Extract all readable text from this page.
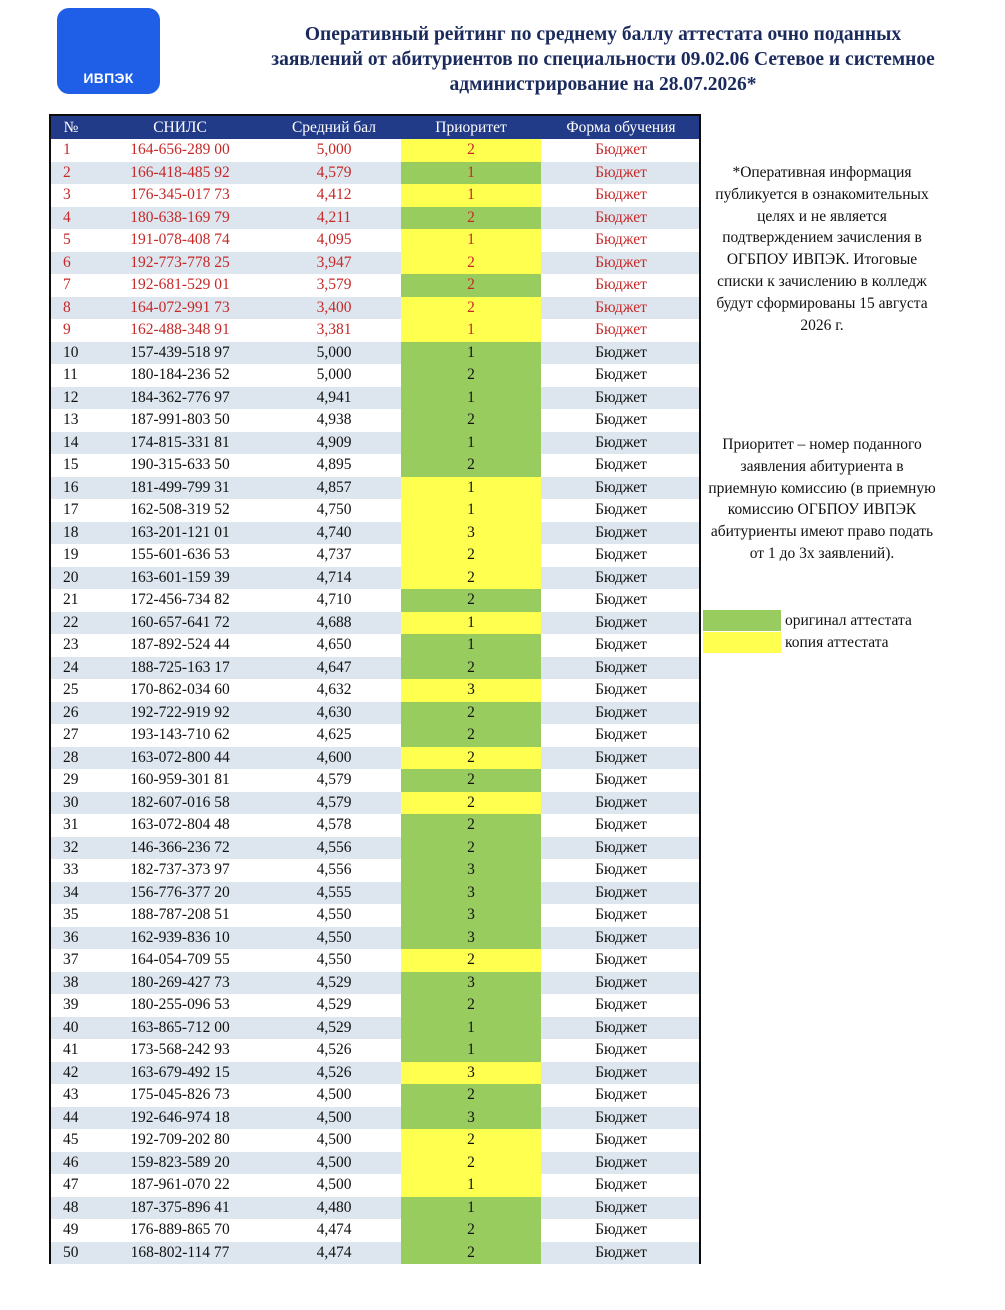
ИВПЭК
Оперативный рейтинг по среднему баллу аттестата очно поданных заявлений от абитуриентов по специальности 09.02.06 Сетевое и системное администрирование на 28.07.2026*
№	СНИЛС	Средний бал	Приоритет	Форма обучения
1	164-656-289 00	5,000	2	Бюджет
2	166-418-485 92	4,579	1	Бюджет
3	176-345-017 73	4,412	1	Бюджет
4	180-638-169 79	4,211	2	Бюджет
5	191-078-408 74	4,095	1	Бюджет
6	192-773-778 25	3,947	2	Бюджет
7	192-681-529 01	3,579	2	Бюджет
8	164-072-991 73	3,400	2	Бюджет
9	162-488-348 91	3,381	1	Бюджет
10	157-439-518 97	5,000	1	Бюджет
11	180-184-236 52	5,000	2	Бюджет
12	184-362-776 97	4,941	1	Бюджет
13	187-991-803 50	4,938	2	Бюджет
14	174-815-331 81	4,909	1	Бюджет
15	190-315-633 50	4,895	2	Бюджет
16	181-499-799 31	4,857	1	Бюджет
17	162-508-319 52	4,750	1	Бюджет
18	163-201-121 01	4,740	3	Бюджет
19	155-601-636 53	4,737	2	Бюджет
20	163-601-159 39	4,714	2	Бюджет
21	172-456-734 82	4,710	2	Бюджет
22	160-657-641 72	4,688	1	Бюджет
23	187-892-524 44	4,650	1	Бюджет
24	188-725-163 17	4,647	2	Бюджет
25	170-862-034 60	4,632	3	Бюджет
26	192-722-919 92	4,630	2	Бюджет
27	193-143-710 62	4,625	2	Бюджет
28	163-072-800 44	4,600	2	Бюджет
29	160-959-301 81	4,579	2	Бюджет
30	182-607-016 58	4,579	2	Бюджет
31	163-072-804 48	4,578	2	Бюджет
32	146-366-236 72	4,556	2	Бюджет
33	182-737-373 97	4,556	3	Бюджет
34	156-776-377 20	4,555	3	Бюджет
35	188-787-208 51	4,550	3	Бюджет
36	162-939-836 10	4,550	3	Бюджет
37	164-054-709 55	4,550	2	Бюджет
38	180-269-427 73	4,529	3	Бюджет
39	180-255-096 53	4,529	2	Бюджет
40	163-865-712 00	4,529	1	Бюджет
41	173-568-242 93	4,526	1	Бюджет
42	163-679-492 15	4,526	3	Бюджет
43	175-045-826 73	4,500	2	Бюджет
44	192-646-974 18	4,500	3	Бюджет
45	192-709-202 80	4,500	2	Бюджет
46	159-823-589 20	4,500	2	Бюджет
47	187-961-070 22	4,500	1	Бюджет
48	187-375-896 41	4,480	1	Бюджет
49	176-889-865 70	4,474	2	Бюджет
50	168-802-114 77	4,474	2	Бюджет
*Оперативная информация публикуется в ознакомительных целях и не является подтверждением зачисления в ОГБПОУ ИВПЭК. Итоговые списки к зачислению в колледж будут сформированы 15 августа 2026 г.
Приоритет – номер поданного заявления абитуриента в приемную комиссию (в приемную комиссию ОГБПОУ ИВПЭК абитуриенты имеют право подать от 1 до 3х заявлений).
оригинал аттестата
копия аттестата
